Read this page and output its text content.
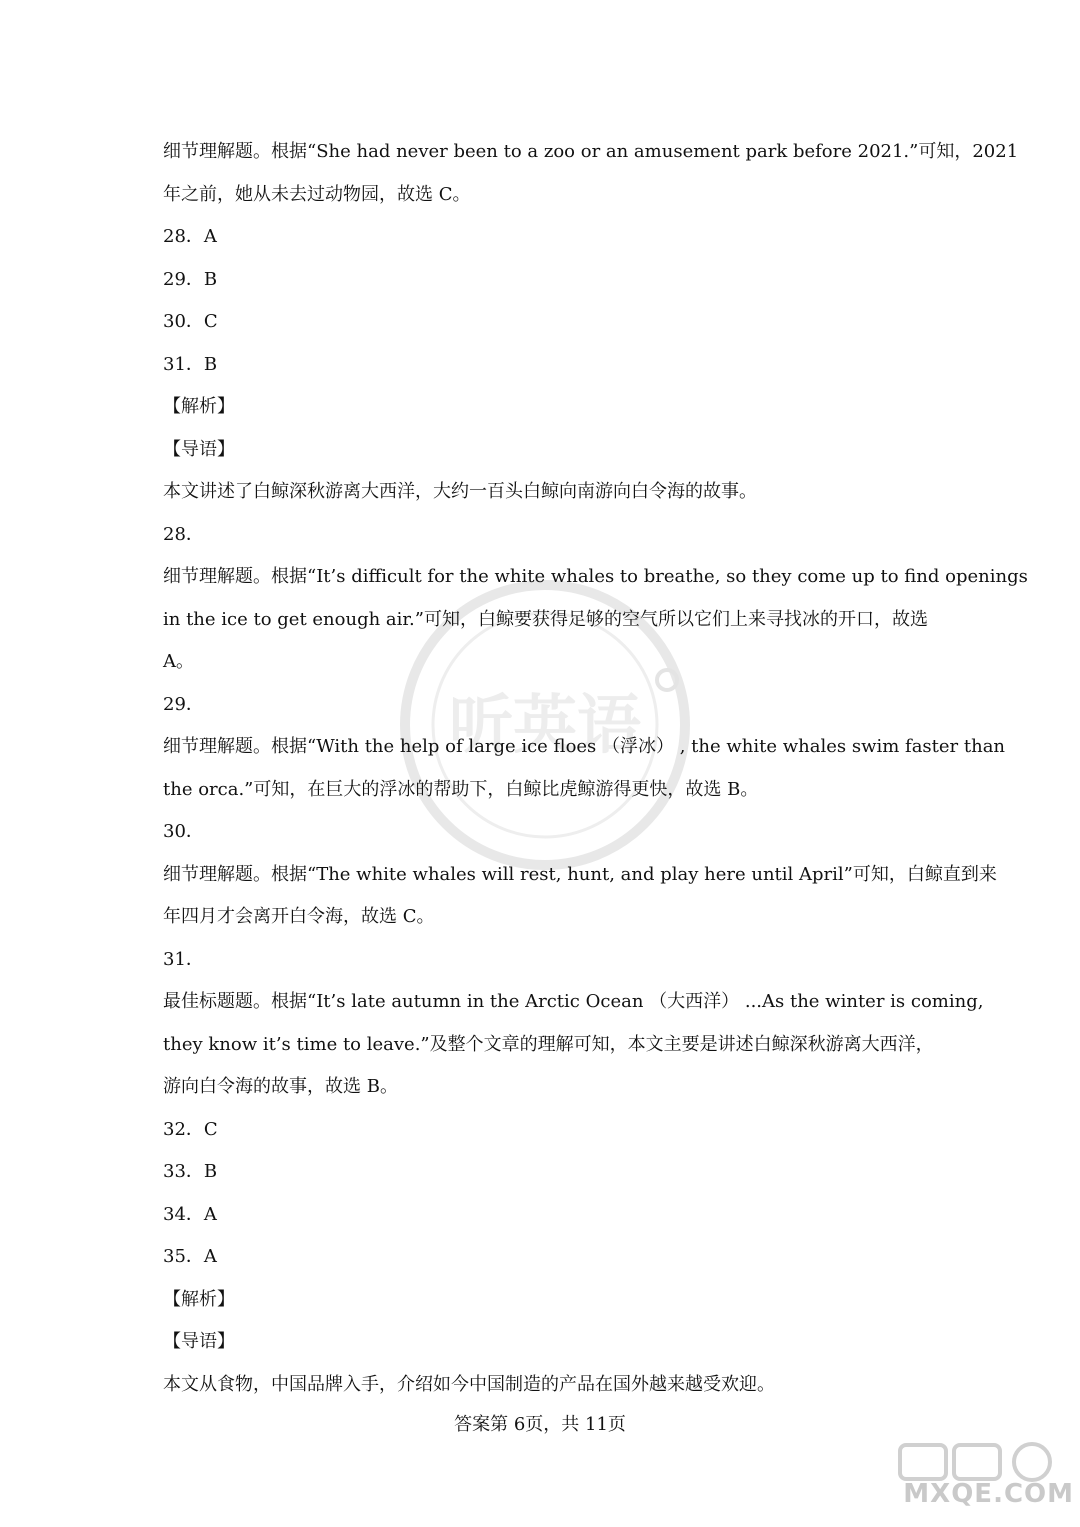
听英语
细节理解题。根据“She had never been to a zoo or an amusement park before 2021.”可知，2021
年之前，她从未去过动物园，故选 C。
28．A
29．B
30．C
31．B
【解析】
【导语】
本文讲述了白鲸深秋游离大西洋，大约一百头白鲸向南游向白令海的故事。
28．
细节理解题。根据“It’s difficult for the white whales to breathe, so they come up to find openings
in the ice to get enough air.”可知，白鲸要获得足够的空气所以它们上来寻找冰的开口，故选
A。
29．
细节理解题。根据“With the help of large ice floes （浮冰） , the white whales swim faster than
the orca.”可知，在巨大的浮冰的帮助下，白鲸比虎鲸游得更快，故选 B。
30．
细节理解题。根据“The white whales will rest, hunt, and play here until April”可知，白鲸直到来
年四月才会离开白令海，故选 C。
31．
最佳标题题。根据“It’s late autumn in the Arctic Ocean （大西洋） ...As the winter is coming,
they know it’s time to leave.”及整个文章的理解可知，本文主要是讲述白鲸深秋游离大西洋，
游向白令海的故事，故选 B。
32．C
33．B
34．A
35．A
【解析】
【导语】
本文从食物，中国品牌入手，介绍如今中国制造的产品在国外越来越受欢迎。
答案第 6页，共 11页
MXQE.COM
